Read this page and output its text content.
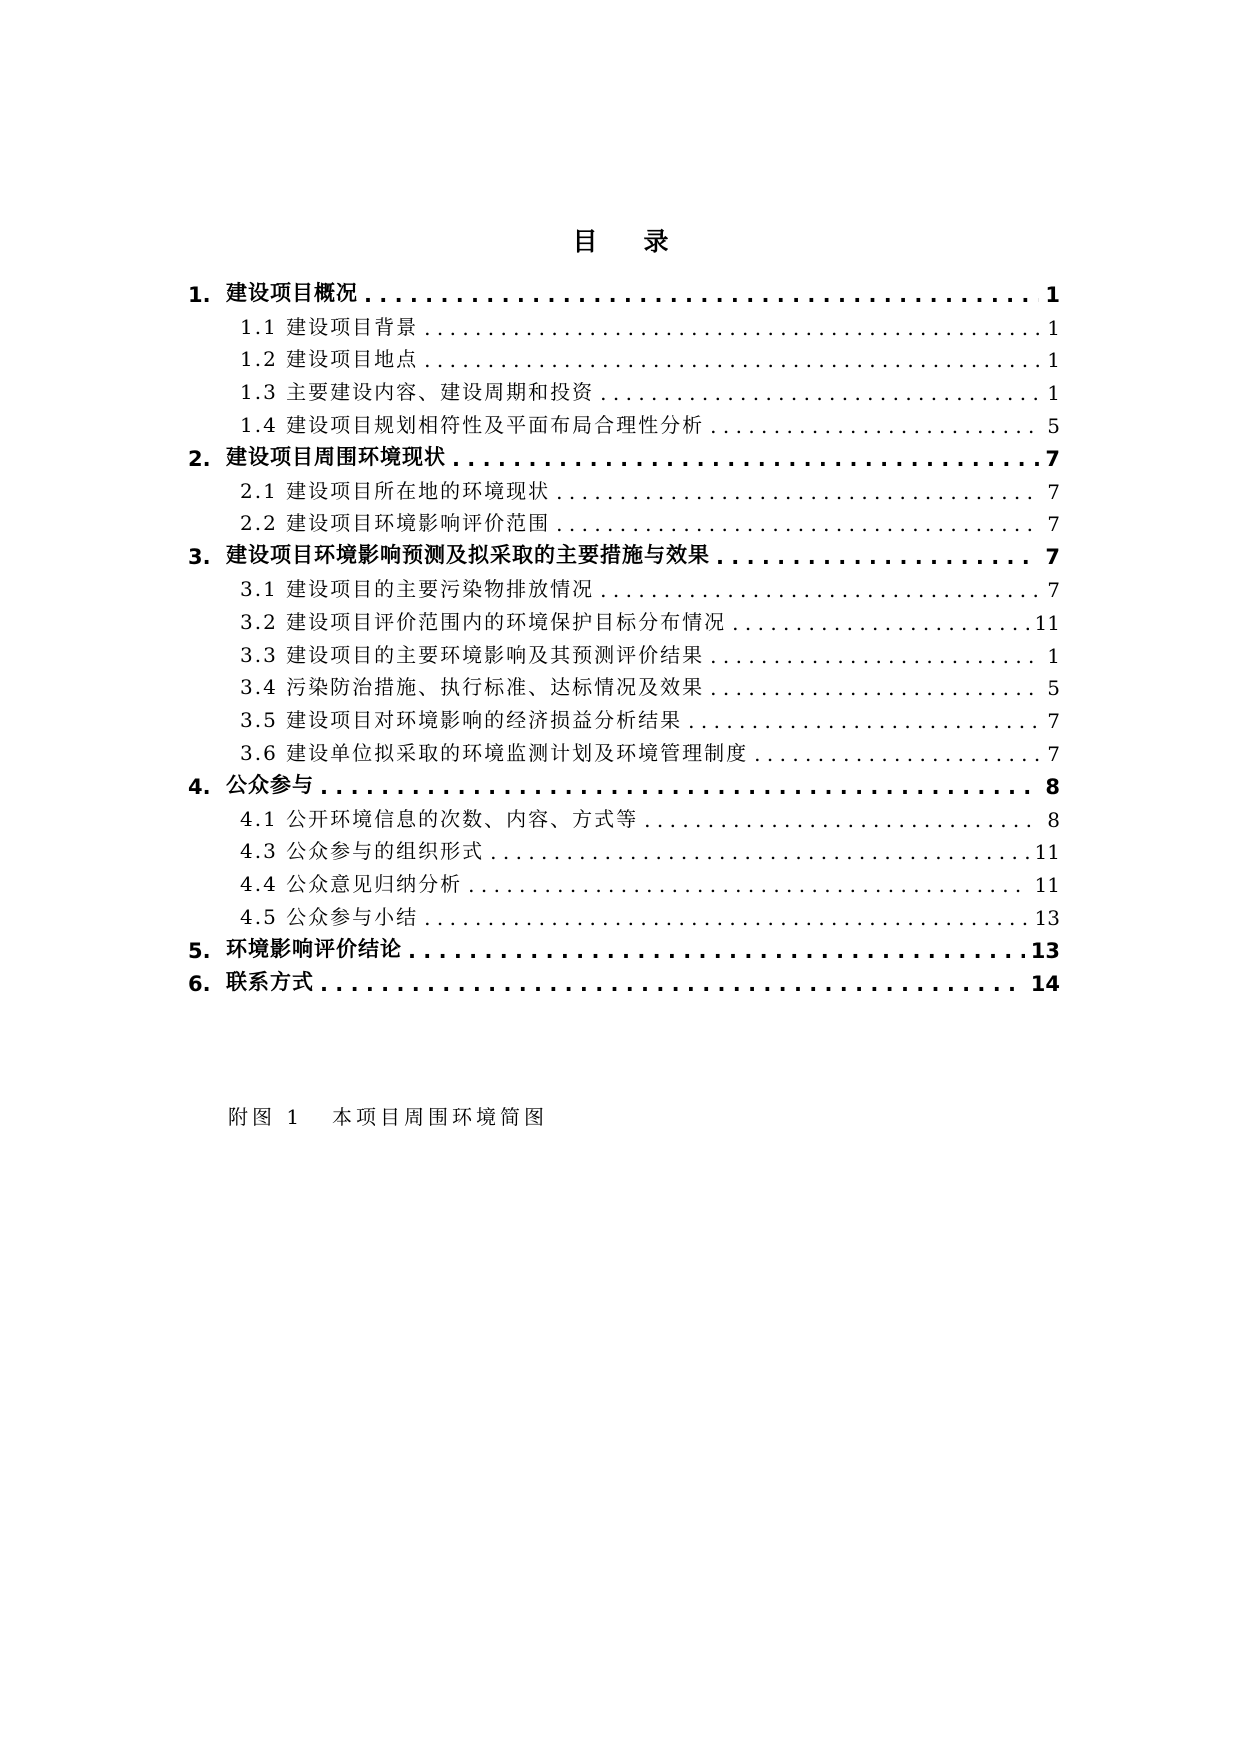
目录
1. 建设项目概况 . . .	1
1.1 建设项目背景 . . .	1
1.2 建设项目地点 . . .	1
1.3 主要建设内容、建设周期和投资 . . .	1
1.4 建设项目规划相符性及平面布局合理性分析 . . .	5
2. 建设项目周围环境现状 . . .	7
2.1 建设项目所在地的环境现状 . . .	7
2.2 建设项目环境影响评价范围 . . .	7
3. 建设项目环境影响预测及拟采取的主要措施与效果 . . .	7
3.1 建设项目的主要污染物排放情况 . . .	7
3.2 建设项目评价范围内的环境保护目标分布情况 . . .	11
3.3 建设项目的主要环境影响及其预测评价结果 . . .	1
3.4 污染防治措施、执行标准、达标情况及效果 . . .	5
3.5 建设项目对环境影响的经济损益分析结果 . . .	7
3.6 建设单位拟采取的环境监测计划及环境管理制度 . . .	7
4. 公众参与 . . .	8
4.1 公开环境信息的次数、内容、方式等 . . .	8
4.3 公众参与的组织形式 . . .	11
4.4 公众意见归纳分析 . . .	11
4.5 公众参与小结 . . .	13
5. 环境影响评价结论 . . .	13
6. 联系方式 . . .	14
附图 1 本项目周围环境简图
